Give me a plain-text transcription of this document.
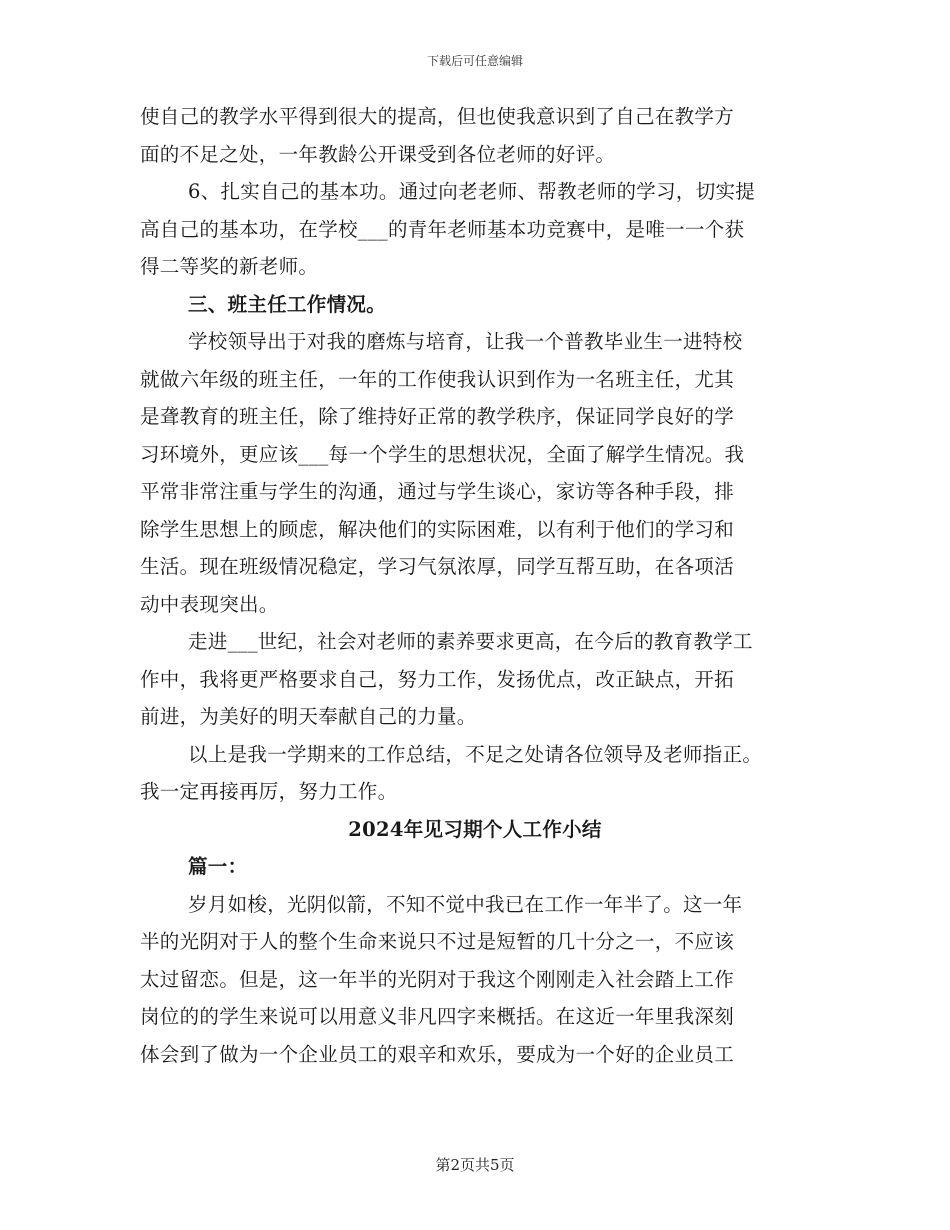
下载后可任意编辑
使自己的教学水平得到很大的提高，但也使我意识到了自己在教学方
面的不足之处，一年教龄公开课受到各位老师的好评。
6、扎实自己的基本功。通过向老老师、帮教老师的学习，切实提
高自己的基本功，在学校___的青年老师基本功竞赛中，是唯一一个获
得二等奖的新老师。
三、班主任工作情况。
学校领导出于对我的磨炼与培育，让我一个普教毕业生一进特校
就做六年级的班主任，一年的工作使我认识到作为一名班主任，尤其
是聋教育的班主任，除了维持好正常的教学秩序，保证同学良好的学
习环境外，更应该___每一个学生的思想状况，全面了解学生情况。我
平常非常注重与学生的沟通，通过与学生谈心，家访等各种手段，排
除学生思想上的顾虑，解决他们的实际困难，以有利于他们的学习和
生活。现在班级情况稳定，学习气氛浓厚，同学互帮互助，在各项活
动中表现突出。
走进___世纪，社会对老师的素养要求更高，在今后的教育教学工
作中，我将更严格要求自己，努力工作，发扬优点，改正缺点，开拓
前进，为美好的明天奉献自己的力量。
以上是我一学期来的工作总结，不足之处请各位领导及老师指正。
我一定再接再厉，努力工作。
2024年见习期个人工作小结
篇一：
岁月如梭，光阴似箭，不知不觉中我已在工作一年半了。这一年
半的光阴对于人的整个生命来说只不过是短暂的几十分之一，不应该
太过留恋。但是，这一年半的光阴对于我这个刚刚走入社会踏上工作
岗位的的学生来说可以用意义非凡四字来概括。在这近一年里我深刻
体会到了做为一个企业员工的艰辛和欢乐，要成为一个好的企业员工
第2页共5页
